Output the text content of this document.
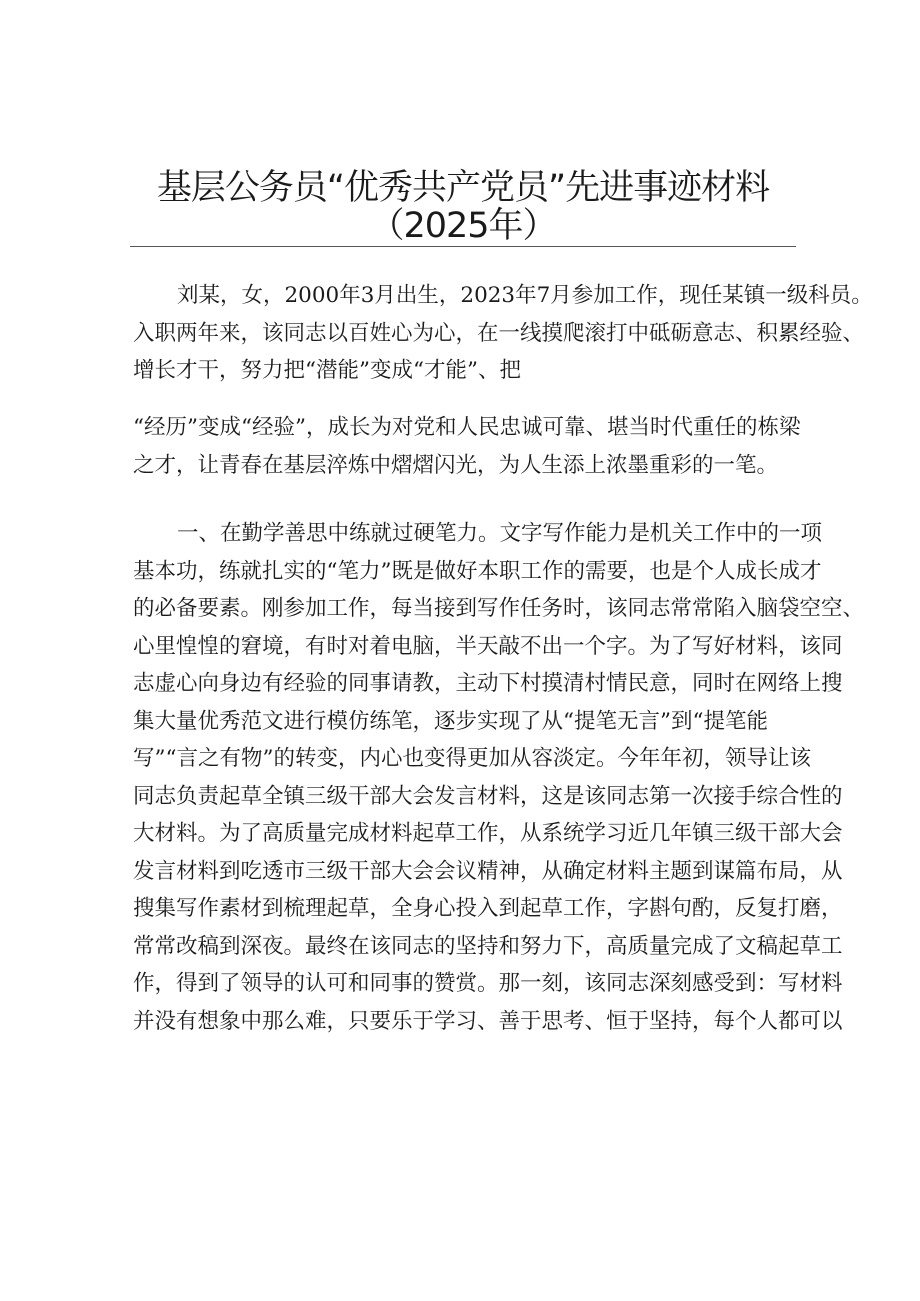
基层公务员“优秀共产党员”先进事迹材料
（2025年）
刘某，女，2000年3月出生，2023年7月参加工作，现任某镇一级科员。
入职两年来，该同志以百姓心为心，在一线摸爬滚打中砥砺意志、积累经验、
增长才干，努力把“潜能”变成“才能”、把
“经历”变成“经验”，成长为对党和人民忠诚可靠、堪当时代重任的栋梁
之才，让青春在基层淬炼中熠熠闪光，为人生添上浓墨重彩的一笔。
一、在勤学善思中练就过硬笔力。文字写作能力是机关工作中的一项
基本功，练就扎实的“笔力”既是做好本职工作的需要，也是个人成长成才
的必备要素。刚参加工作，每当接到写作任务时，该同志常常陷入脑袋空空、
心里惶惶的窘境，有时对着电脑，半天敲不出一个字。为了写好材料，该同
志虚心向身边有经验的同事请教，主动下村摸清村情民意，同时在网络上搜
集大量优秀范文进行模仿练笔，逐步实现了从“提笔无言”到“提笔能
写”“言之有物”的转变，内心也变得更加从容淡定。今年年初，领导让该
同志负责起草全镇三级干部大会发言材料，这是该同志第一次接手综合性的
大材料。为了高质量完成材料起草工作，从系统学习近几年镇三级干部大会
发言材料到吃透市三级干部大会会议精神，从确定材料主题到谋篇布局，从
搜集写作素材到梳理起草，全身心投入到起草工作，字斟句酌，反复打磨，
常常改稿到深夜。最终在该同志的坚持和努力下，高质量完成了文稿起草工
作，得到了领导的认可和同事的赞赏。那一刻，该同志深刻感受到：写材料
并没有想象中那么难，只要乐于学习、善于思考、恒于坚持，每个人都可以
